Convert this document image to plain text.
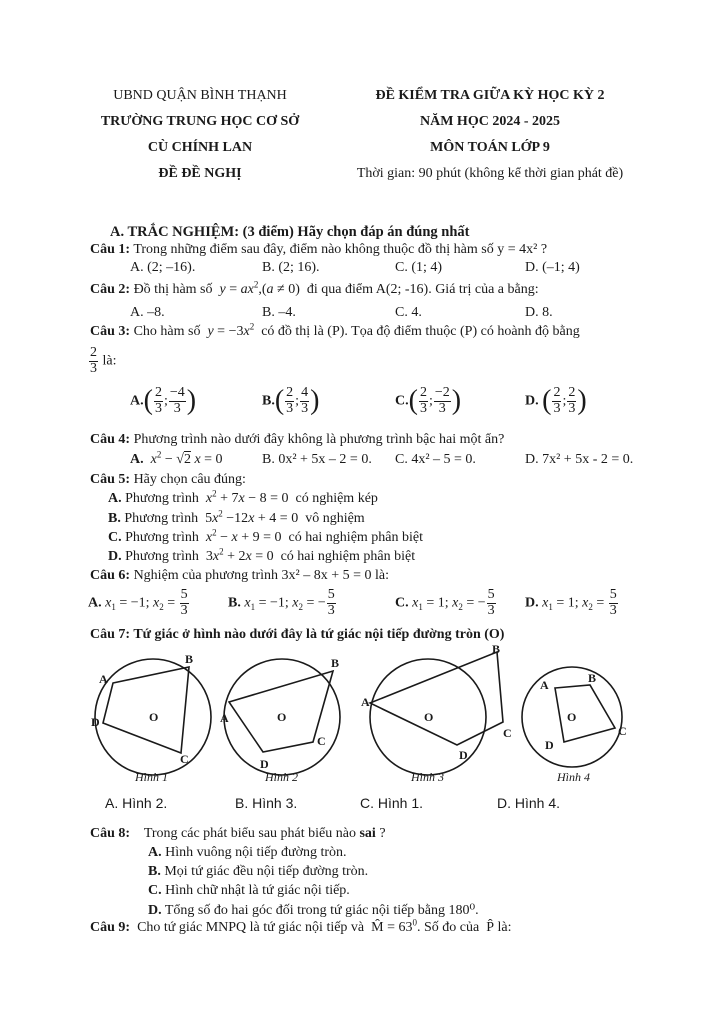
UBND QUẬN BÌNH THẠNH
TRƯỜNG TRUNG HỌC CƠ SỞ
CÙ CHÍNH LAN
ĐỀ ĐỀ NGHỊ
ĐỀ KIỂM TRA GIỮA KỲ HỌC KỲ 2
NĂM HỌC 2024 - 2025
MÔN TOÁN LỚP 9
Thời gian: 90 phút (không kể thời gian phát đề)
A. TRẮC NGHIỆM: (3 điểm) Hãy chọn đáp án đúng nhất
Câu 1: Trong những điểm sau đây, điểm nào không thuộc đồ thị hàm số y = 4x² ?
A. (2; –16).	B. (2; 16).	C. (1; 4)	D. (–1; 4)
Câu 2: Đồ thị hàm số $y = ax^2,(a \ne 0)$  đi qua điểm A(2; -16). Giá trị của a bằng:
A. –8.	B. –4.	C. 4.	D. 8.
Câu 3: Cho hàm số $y = -3x^2$ có đồ thị là (P). Tọa độ điểm thuộc (P) có hoành độ bằng
$\frac{2}{3}$ là:
$A.( \frac{2}{3}$ ; $\frac{-4}{3}$ )	$B.( \frac{2}{3}$ ; $\frac{4}{3}$ )	$C.( \frac{2}{3}$ ; $\frac{-2}{3}$ )	D. ( $\frac{2}{3}$ ; $\frac{2}{3}$ )
Câu 4: Phương trình nào dưới đây không là phương trình bậc hai một ẩn?
A. $x^2 - √2$ x = 0	B. 0x² + 5x – 2 = 0. C. 4x² – 5 = 0.	D. 7x² + 5x - 2 = 0.
Câu 5: Hãy chọn câu đúng:
A. Phương trình $x^2 + 7x - 8 = 0$  có nghiệm kép
B. Phương trình  $5x^2 -12x + 4 = 0$  vô nghiệm
C. Phương trình $x^2 - x + 9 = 0$  có hai nghiệm phân biệt
D. Phương trình  $3x^2 + 2x = 0$  có hai nghiệm phân biệt
Câu 6: Nghiệm của phương trình 3x² – 8x + 5 = 0 là:
A. $x_1 = -1$; $x_2 = \frac{5}{3}$	B. $x_1 = -1$; $x_2$ = − $\frac{5}{3}$	C. $x_1 = 1$; $x_2$ = − $\frac{5}{3} D$. $x_1 = 1$; $x_2 = \frac{5}{3}$
Câu 7: Tứ giác ở hình nào dưới đây là tứ giác nội tiếp đường tròn (O)
B
A
D
C
O	A
B
C
D
O
A
B
C
D
O
A	B
C
D
O
Hình 1	Hình 2	Hình 3	Hình 4
A. Hình 2.	B. Hình 3.	C. Hình 1.	D. Hình 4.
Câu 8: Trong các phát biểu sau phát biểu nào sai ?
A. Hình vuông nội tiếp đường tròn.
B. Mọi tứ giác đều nội tiếp đường tròn.
C. Hình chữ nhật là tứ giác nội tiếp.
D. Tổng số đo hai góc đối trong tứ giác nội tiếp bằng 180⁰.
Câu 9: Cho tứ giác MNPQ là tứ giác nội tiếp và  M̂ = $63^0$. Số đo của  P̂ là:
